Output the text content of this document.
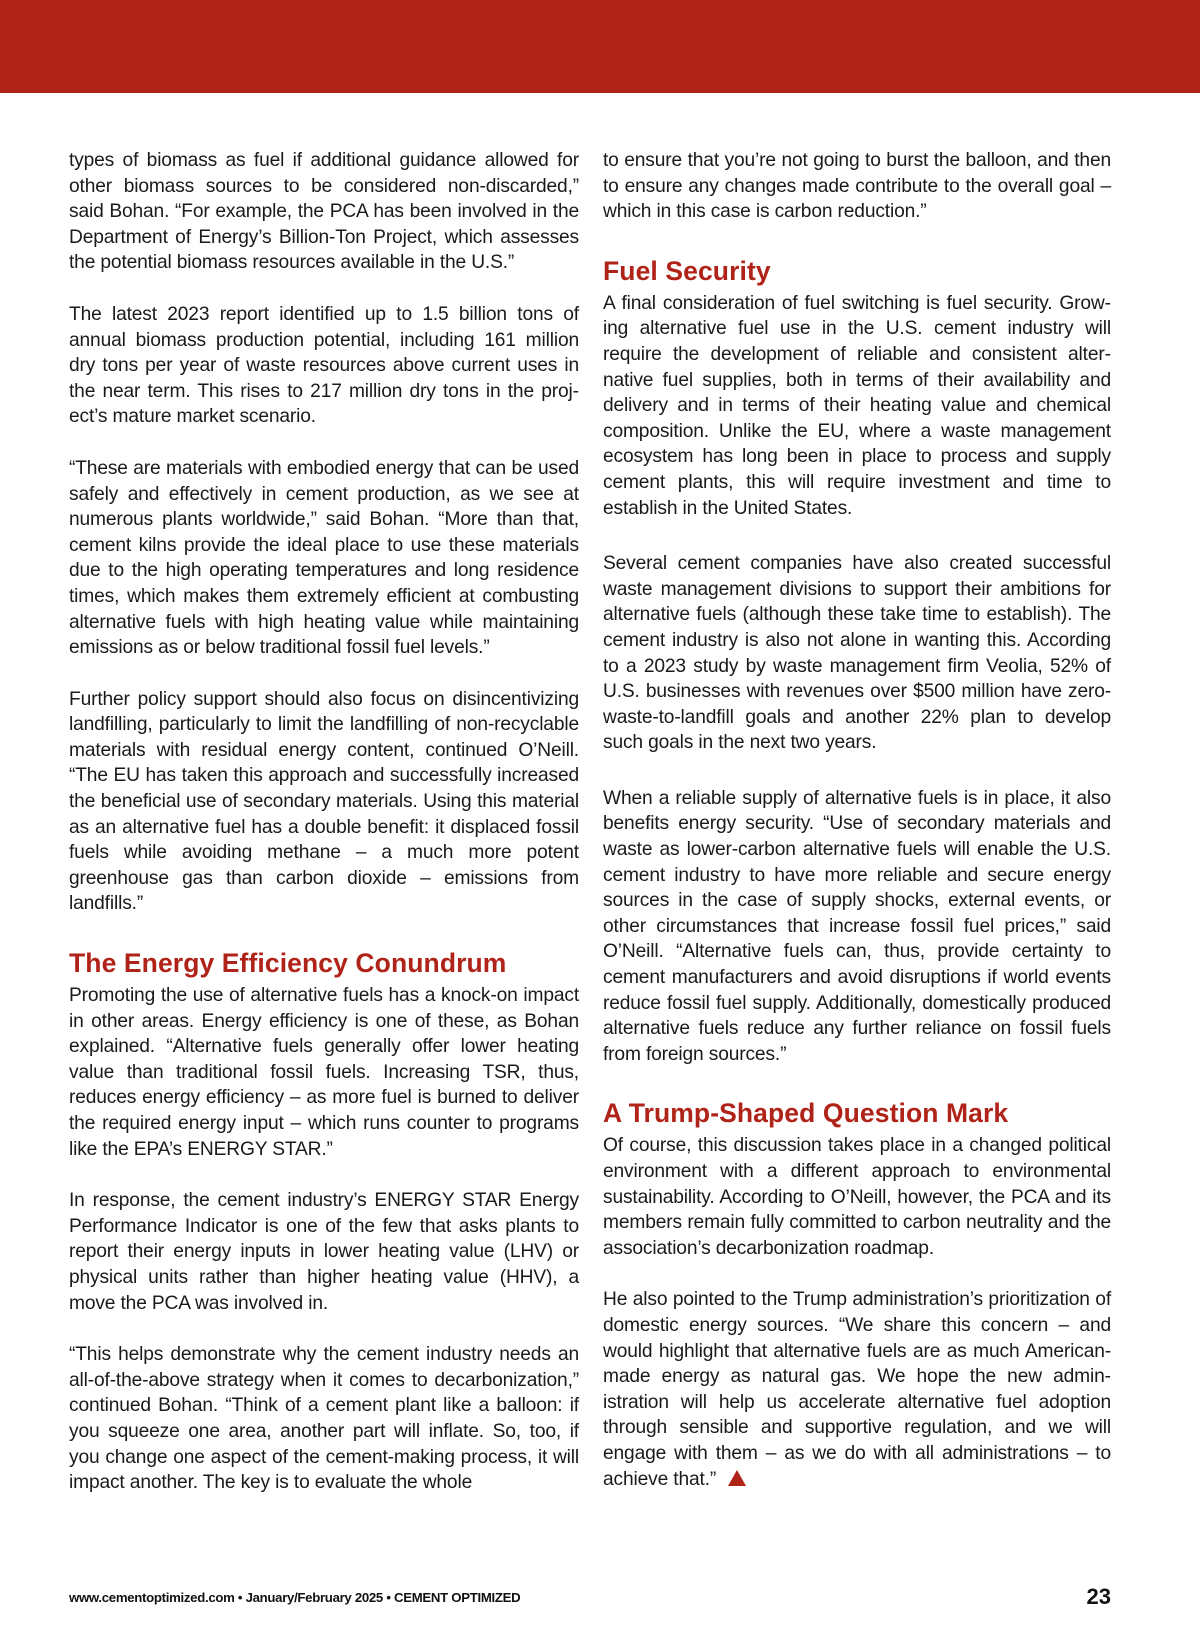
types of biomass as fuel if additional guidance allowed for other biomass sources to be considered non-discarded,” said Bohan. “For example, the PCA has been involved in the Department of Energy’s Billion-Ton Project, which assesses the potential biomass resources available in the U.S.”

The latest 2023 report identified up to 1.5 billion tons of annual biomass production potential, including 161 million dry tons per year of waste resources above current uses in the near term. This rises to 217 million dry tons in the project’s mature market scenario.

“These are materials with embodied energy that can be used safely and effectively in cement production, as we see at numerous plants worldwide,” said Bohan. “More than that, cement kilns provide the ideal place to use these materials due to the high operating temperatures and long residence times, which makes them extremely efficient at combusting alternative fuels with high heating value while maintaining emissions as or below traditional fossil fuel levels.”

Further policy support should also focus on disincentivizing landfilling, particularly to limit the landfilling of non-recyclable materials with residual energy content, continued O’Neill. “The EU has taken this approach and successfully increased the beneficial use of secondary materials. Using this material as an alternative fuel has a double benefit: it displaced fossil fuels while avoiding methane – a much more potent greenhouse gas than carbon dioxide – emissions from landfills.”

The Energy Efficiency Conundrum

Promoting the use of alternative fuels has a knock-on impact in other areas. Energy efficiency is one of these, as Bohan explained. “Alternative fuels generally offer lower heating value than traditional fossil fuels. Increasing TSR, thus, reduces energy efficiency – as more fuel is burned to deliver the required energy input – which runs counter to programs like the EPA’s ENERGY STAR.”

In response, the cement industry’s ENERGY STAR Energy Performance Indicator is one of the few that asks plants to report their energy inputs in lower heating value (LHV) or physical units rather than higher heating value (HHV), a move the PCA was involved in.

“This helps demonstrate why the cement industry needs an all-of-the-above strategy when it comes to decarbonization,” continued Bohan. “Think of a cement plant like a balloon: if you squeeze one area, another part will inflate. So, too, if you change one aspect of the cement-making process, it will impact another. The key is to evaluate the whole

to ensure that you’re not going to burst the balloon, and then to ensure any changes made contribute to the overall goal – which in this case is carbon reduction.”

Fuel Security

A final consideration of fuel switching is fuel security. Growing alternative fuel use in the U.S. cement industry will require the development of reliable and consistent alternative fuel supplies, both in terms of their availability and delivery and in terms of their heating value and chemical composition. Unlike the EU, where a waste management ecosystem has long been in place to process and supply cement plants, this will require investment and time to establish in the United States.

Several cement companies have also created successful waste management divisions to support their ambitions for alternative fuels (although these take time to establish). The cement industry is also not alone in wanting this. According to a 2023 study by waste management firm Veolia, 52% of U.S. businesses with revenues over $500 million have zero-waste-to-landfill goals and another 22% plan to develop such goals in the next two years.

When a reliable supply of alternative fuels is in place, it also benefits energy security. “Use of secondary materials and waste as lower-carbon alternative fuels will enable the U.S. cement industry to have more reliable and secure energy sources in the case of supply shocks, external events, or other circumstances that increase fossil fuel prices,” said O’Neill. “Alternative fuels can, thus, provide certainty to cement manufacturers and avoid disruptions if world events reduce fossil fuel supply. Additionally, domestically produced alternative fuels reduce any further reliance on fossil fuels from foreign sources.”

A Trump-Shaped Question Mark

Of course, this discussion takes place in a changed political environment with a different approach to environmental sustainability. According to O’Neill, however, the PCA and its members remain fully committed to carbon neutrality and the association’s decarbonization roadmap.

He also pointed to the Trump administration’s prioritization of domestic energy sources. “We share this concern – and would highlight that alternative fuels are as much American-made energy as natural gas. We hope the new administration will help us accelerate alternative fuel adoption through sensible and supportive regulation, and we will engage with them – as we do with all administrations – to achieve that.”

www.cementoptimized.com • January/February 2025 • CEMENT OPTIMIZED	23
